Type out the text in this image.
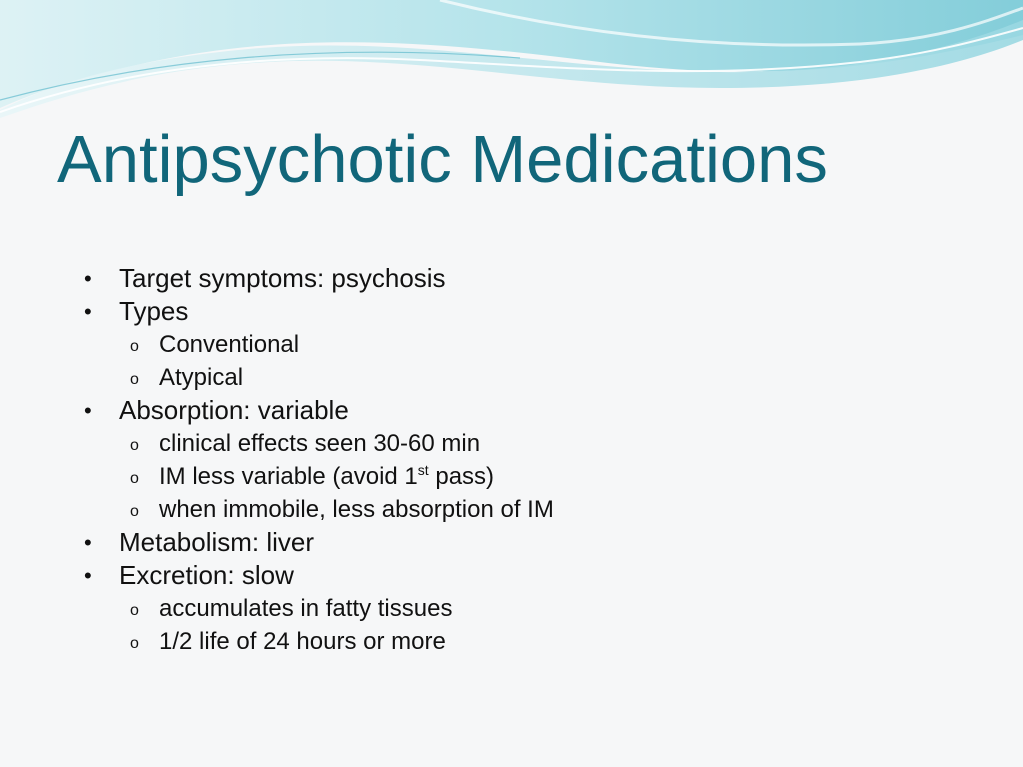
Antipsychotic Medications
• Target symptoms: psychosis
• Types
o Conventional
o Atypical
• Absorption: variable
o clinical effects seen 30-60 min
o IM less variable (avoid 1st pass)
o when immobile, less absorption of IM
• Metabolism: liver
• Excretion: slow
o accumulates in fatty tissues
o 1/2 life of 24 hours or more
